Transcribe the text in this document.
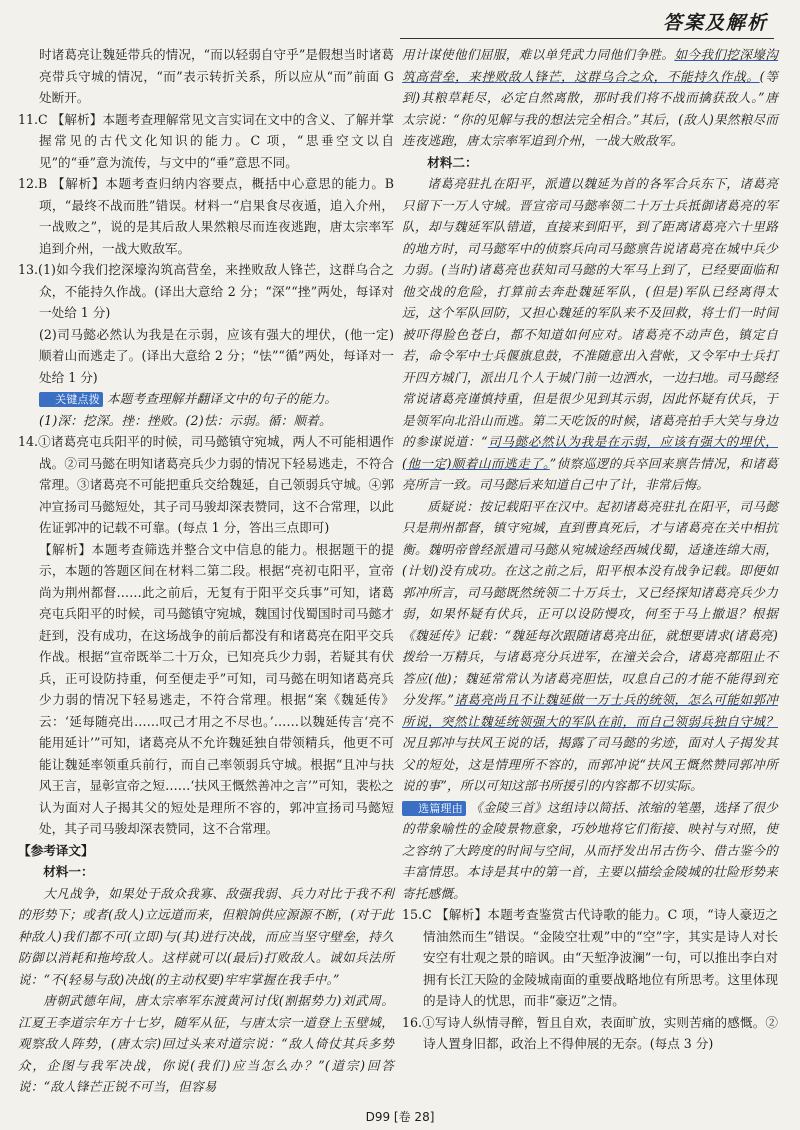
答案及解析

时诸葛亮让魏延带兵的情况，“而以轻弱自守乎”是假想当时诸葛亮带兵守城的情况，“而”表示转折关系，所以应从“而”前面 G 处断开。

11.C 【解析】本题考查理解常见文言实词在文中的含义、了解并掌握常见的古代文化知识的能力。C 项，“思垂空文以自见”的“垂”意为流传，与文中的“垂”意思不同。

12.B 【解析】本题考查归纳内容要点，概括中心意思的能力。B 项，“最终不战而胜”错误。材料一“启果食尽夜遁，追入介州，一战败之”，说的是其后敌人果然粮尽而连夜逃跑，唐太宗率军追到介州，一战大败敌军。

13.(1)如今我们挖深壕沟筑高营垒，来挫败敌人锋芒，这群乌合之众，不能持久作战。(译出大意给 2 分；“深”“挫”两处，每译对一处给 1 分)

(2)司马懿必然认为我是在示弱，应该有强大的埋伏，(他一定)顺着山而逃走了。(译出大意给 2 分；“怯”“循”两处，每译对一处给 1 分)

✎ 关键点拨 本题考查理解并翻译文中的句子的能力。

(1)深：挖深。挫：挫败。(2)怯：示弱。循：顺着。

14.①诸葛亮屯兵阳平的时候，司马懿镇守宛城，两人不可能相遇作战。②司马懿在明知诸葛亮兵少力弱的情况下轻易逃走，不符合常理。③诸葛亮不可能把重兵交给魏延，自己领弱兵守城。④郭冲宣扬司马懿短处，其子司马骏却深表赞同，这不合常理，以此佐证郭冲的记载不可靠。(每点 1 分，答出三点即可)

【解析】本题考查筛选并整合文中信息的能力。根据题干的提示，本题的答题区间在材料二第二段。根据“亮初屯阳平，宣帝尚为荆州都督……此之前后，无复有于阳平交兵事”可知，诸葛亮屯兵阳平的时候，司马懿镇守宛城，魏国讨伐蜀国时司马懿才赶到，没有成功，在这场战争的前后都没有和诸葛亮在阳平交兵作战。根据“宣帝既举二十万众，已知亮兵少力弱，若疑其有伏兵，正可设防持重，何至便走乎”可知，司马懿在明知诸葛亮兵少力弱的情况下轻易逃走，不符合常理。根据“案《魏延传》云：‘延每随亮出……叹己才用之不尽也。’……以魏延传言‘亮不能用延计’”可知，诸葛亮从不允许魏延独自带领精兵，他更不可能让魏延率领重兵前行，而自己率领弱兵守城。根据“且冲与扶风王言，显彰宣帝之短……‘扶风王慨然善冲之言’”可知，裴松之认为面对人子揭其父的短处是理所不容的，郭冲宣扬司马懿短处，其子司马骏却深表赞同，这不合常理。

【参考译文】

材料一：

大凡战争，如果处于敌众我寡、敌强我弱、兵力对比于我不利的形势下；或者(敌人)立远道而来，但粮饷供应源源不断，(对于此种敌人)我们都不可(立即)与(其)进行决战，而应当坚守壁垒，持久防御以消耗和拖垮敌人。这样就可以(最后)打败敌人。诚如兵法所说：“不(轻易与敌)决战(的主动权要)牢牢掌握在我手中。”

唐朝武德年间，唐太宗率军东渡黄河讨伐(割据势力)刘武周。江夏王李道宗年方十七岁，随军从征，与唐太宗一道登上玉壁城，观察敌人阵势，(唐太宗)回过头来对道宗说：“敌人倚仗其兵多势众，企图与我军决战，你说(我们)应当怎么办？”(道宗)回答说：“敌人锋芒正锐不可当，但容易

用计谋使他们屈服，难以单凭武力同他们争胜。如今我们挖深壕沟筑高营垒，来挫败敌人锋芒，这群乌合之众，不能持久作战。(等到)其粮草耗尽，必定自然离散，那时我们将不战而擒获敌人。”唐太宗说：“你的见解与我的想法完全相合。”其后，(敌人)果然粮尽而连夜逃跑，唐太宗率军追到介州，一战大败敌军。

材料二：

诸葛亮驻扎在阳平，派遣以魏延为首的各军合兵东下，诸葛亮只留下一万人守城。晋宣帝司马懿率领二十万士兵抵御诸葛亮的军队，却与魏延军队错道，直接来到阳平，到了距离诸葛亮六十里路的地方时，司马懿军中的侦察兵向司马懿禀告说诸葛亮在城中兵少力弱。(当时)诸葛亮也获知司马懿的大军马上到了，已经要面临和他交战的危险，打算前去奔赴魏延军队，(但是)军队已经离得太远，这个军队回防，又担心魏延的军队来不及回救，将士们一时间被吓得脸色苍白，都不知道如何应对。诸葛亮不动声色，镇定自若，命令军中士兵偃旗息鼓，不准随意出入营帐，又令军中士兵打开四方城门，派出几个人于城门前一边洒水，一边扫地。司马懿经常说诸葛亮谨慎持重，但是很少见到其示弱，因此怀疑有伏兵，于是领军向北沿山而逃。第二天吃饭的时候，诸葛亮拍手大笑与身边的参谋说道：“司马懿必然认为我是在示弱，应该有强大的埋伏，(他一定)顺着山而逃走了。”侦察巡逻的兵卒回来禀告情况，和诸葛亮所言一致。司马懿后来知道自己中了计，非常后悔。

质疑说：按记载阳平在汉中。起初诸葛亮驻扎在阳平，司马懿只是荆州都督，镇守宛城，直到曹真死后，才与诸葛亮在关中相抗衡。魏明帝曾经派遣司马懿从宛城途经西城伐蜀，适逢连绵大雨，(计划)没有成功。在这之前之后，阳平根本没有战争记载。即便如郭冲所言，司马懿既然统领二十万兵士，又已经探知诸葛亮兵少力弱，如果怀疑有伏兵，正可以设防慢攻，何至于马上撤退？根据《魏延传》记载：“魏延每次跟随诸葛亮出征，就想要请求(诸葛亮)拨给一万精兵，与诸葛亮分兵进军，在潼关会合，诸葛亮都阻止不答应(他)；魏延常常认为诸葛亮胆怯，叹息自己的才能不能得到充分发挥。”诸葛亮尚且不让魏延做一万士兵的统领，怎么可能如郭冲所说，突然让魏延统领强大的军队在前，而自己领弱兵独自守城？况且郭冲与扶风王说的话，揭露了司马懿的劣迹，面对人子揭发其父的短处，这是情理所不容的，而郭冲说“扶风王慨然赞同郭冲所说的事”，所以可知这部书所援引的内容都不切实际。

✎ 选篇理由 《金陵三首》这组诗以简括、浓缩的笔墨，选择了很少的带象喻性的金陵景物意象，巧妙地将它们衔接、映衬与对照，使之容纳了大跨度的时间与空间，从而抒发出吊古伤今、借古鉴今的丰富情思。本诗是其中的第一首，主要以描绘金陵城的壮险形势来寄托感慨。

15.C 【解析】本题考查鉴赏古代诗歌的能力。C 项，“诗人豪迈之情油然而生”错误。“金陵空壮观”中的“空”字，其实是诗人对长安空有壮观之景的暗讽。由“天堑净波澜”一句，可以推出李白对拥有长江天险的金陵城南面的重要战略地位有所思考。这里体现的是诗人的忧思，而非“豪迈”之情。

16.①写诗人纵情寻醉，暂且自欢，表面旷放，实则苦痛的感慨。②诗人置身旧都，政治上不得伸展的无奈。(每点 3 分)

D99 [卷 28]
